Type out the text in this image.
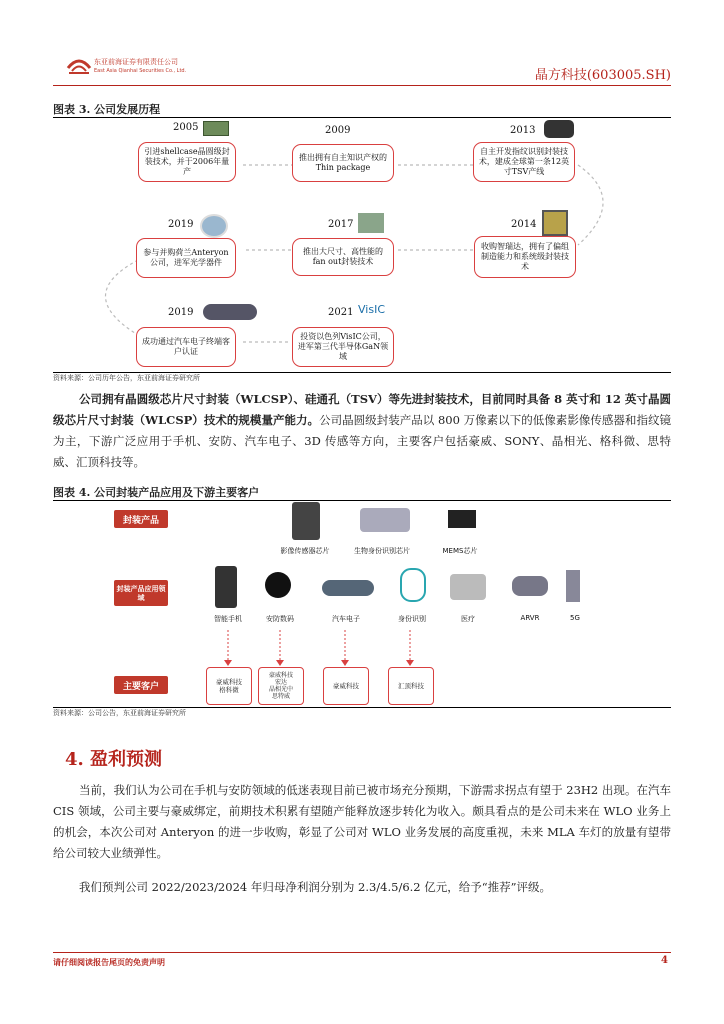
东亚前海证券有限责任公司
East Asia Qianhai Securities Co., Ltd.	晶方科技(603005.SH)
图表 3. 公司发展历程
2005
引进shellcase晶圆级封装技术，并于2006年量产
2009
推出拥有自主知识产权的Thin package
2013
自主开发指纹识别封装技术，建成全球第一条12英寸TSV产线
2019
参与并购荷兰Anteryon公司，进军光学器件
2017
推出大尺寸、高性能的fan out封装技术
2014
收购智瑞达，拥有了偏组制造能力和系统级封装技术
2019
成功通过汽车电子终端客户认证
2021 VisIC
投资以色列VisIC公司，进军第三代半导体GaN领域
资料来源：公司历年公告，东亚前海证券研究所
公司拥有晶圆级芯片尺寸封装（WLCSP）、硅通孔（TSV）等先进封装技术，目前同时具备 8 英寸和 12 英寸晶圆级芯片尺寸封装（WLCSP）技术的规模量产能力。公司晶圆级封装产品以 800 万像素以下的低像素影像传感器和指纹镜为主，下游广泛应用于手机、安防、汽车电子、3D 传感等方向，主要客户包括豪威、SONY、晶相光、格科微、思特威、汇顶科技等。
图表 4. 公司封装产品应用及下游主要客户
封装产品
封装产品应用领域
主要客户
影像传感器芯片	生物身份识别芯片	MEMS芯片
智能手机	安防数码	汽车电子	身份识别	医疗	ARVR	5G
豪威科技
格科微
豪威科技
宏达
晶相光中
思特威
豪威科技	汇顶科技
资料来源：公司公告，东亚前海证券研究所
4. 盈利预测
当前，我们认为公司在手机与安防领域的低迷表现目前已被市场充分预期，下游需求拐点有望于 23H2 出现。在汽车 CIS 领域，公司主要与豪威绑定，前期技术积累有望随产能释放逐步转化为收入。颇具看点的是公司未来在 WLO 业务上的机会，本次公司对 Anteryon 的进一步收购，彰显了公司对 WLO 业务发展的高度重视，未来 MLA 车灯的放量有望带给公司较大业绩弹性。
我们预判公司 2022/2023/2024 年归母净利润分别为 2.3/4.5/6.2 亿元，给予“推荐”评级。
请仔细阅读报告尾页的免责声明	4
